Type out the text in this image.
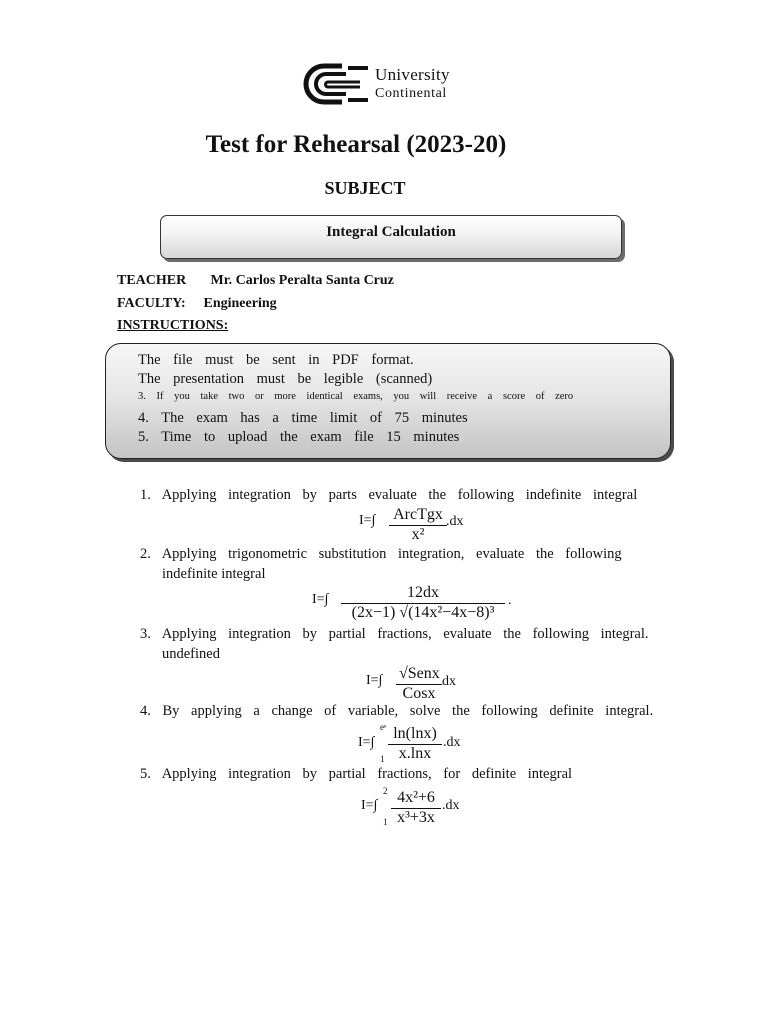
University
Continental
Test for Rehearsal (2023-20)
SUBJECT
Integral Calculation
TEACHER Mr. Carlos Peralta Santa Cruz
FACULTY: Engineering
INSTRUCTIONS:
The file must be sent in PDF format.
The presentation must be legible (scanned)
3. If you take two or more identical exams, you will receive a score of zero
4. The exam has a time limit of 75 minutes
5. Time to upload the exam file 15 minutes
1. Applying integration by parts evaluate the following indefinite integral
I=∫ ArcTgx
x²
.dx
2. Applying trigonometric substitution integration, evaluate the following
indefinite integral
$I=\int \frac{12dx}{\text{(2x−1) √(14x²−4x−8)³}}$ .
3. Applying integration by partial fractions, evaluate the following integral.
undefined
I=∫ √Senx
Cosx
dx
4. By applying a change of variable, solve the following definite integral.
I=∫
eᵉ
$1 \frac{\ln(\ln x)}{x.\ln x} .dx$
5. Applying integration by partial fractions, for definite integral
I=∫
2
$1 \frac{\text{4x²+6}}{\text{x³+3x}} .dx$
